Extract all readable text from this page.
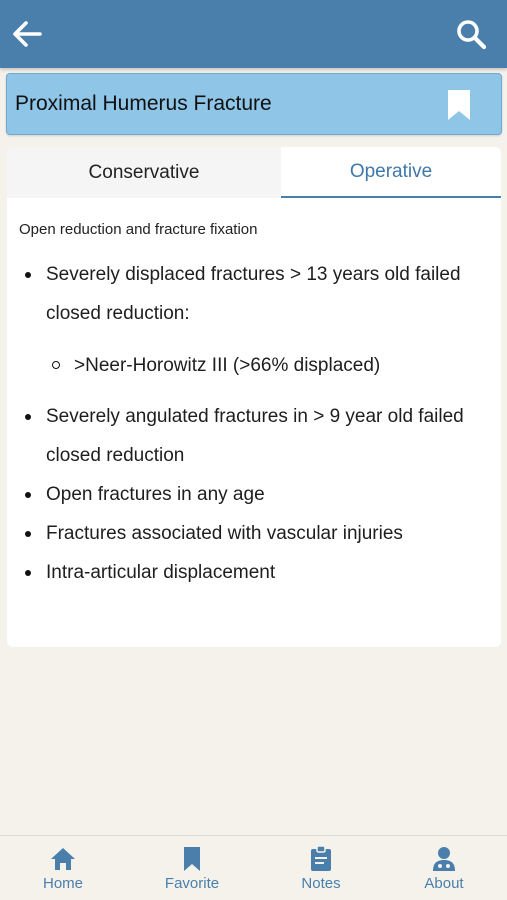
Proximal Humerus Fracture
Conservative	Operative
Open reduction and fracture fixation
Severely displaced fractures > 13 years old failed
closed reduction:
>Neer-Horowitz III (>66% displaced)
Severely angulated fractures in > 9 year old failed
closed reduction
Open fractures in any age
Fractures associated with vascular injuries
Intra-articular displacement
Home	Favorite	Notes	About
